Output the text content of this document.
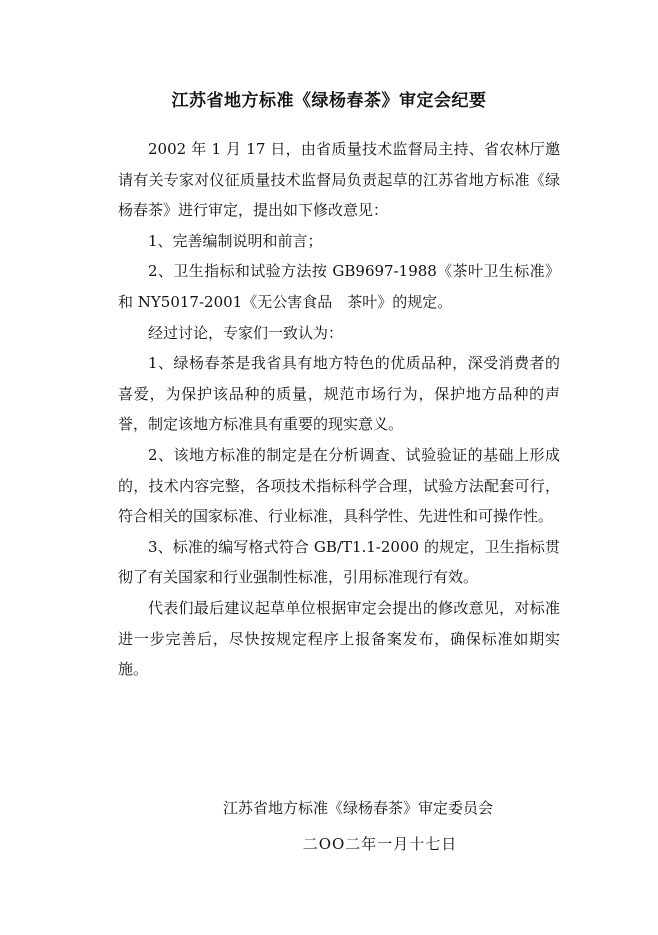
江苏省地方标准《绿杨春茶》审定会纪要

2002 年 1 月 17 日，由省质量技术监督局主持、省农林厅邀请有关专家对仪征质量技术监督局负责起草的江苏省地方标准《绿杨春茶》进行审定，提出如下修改意见：

1、完善编制说明和前言；

2、卫生指标和试验方法按 GB9697-1988《茶叶卫生标准》和 NY5017-2001《无公害食品　茶叶》的规定。

经过讨论，专家们一致认为：

1、绿杨春茶是我省具有地方特色的优质品种，深受消费者的喜爱，为保护该品种的质量，规范市场行为，保护地方品种的声誉，制定该地方标准具有重要的现实意义。

2、该地方标准的制定是在分析调查、试验验证的基础上形成的，技术内容完整，各项技术指标科学合理，试验方法配套可行，符合相关的国家标准、行业标准，具科学性、先进性和可操作性。

3、标准的编写格式符合 GB/T1.1-2000 的规定，卫生指标贯彻了有关国家和行业强制性标准，引用标准现行有效。

代表们最后建议起草单位根据审定会提出的修改意见，对标准进一步完善后，尽快按规定程序上报备案发布，确保标准如期实施。

江苏省地方标准《绿杨春茶》审定委员会
二OO二年一月十七日
